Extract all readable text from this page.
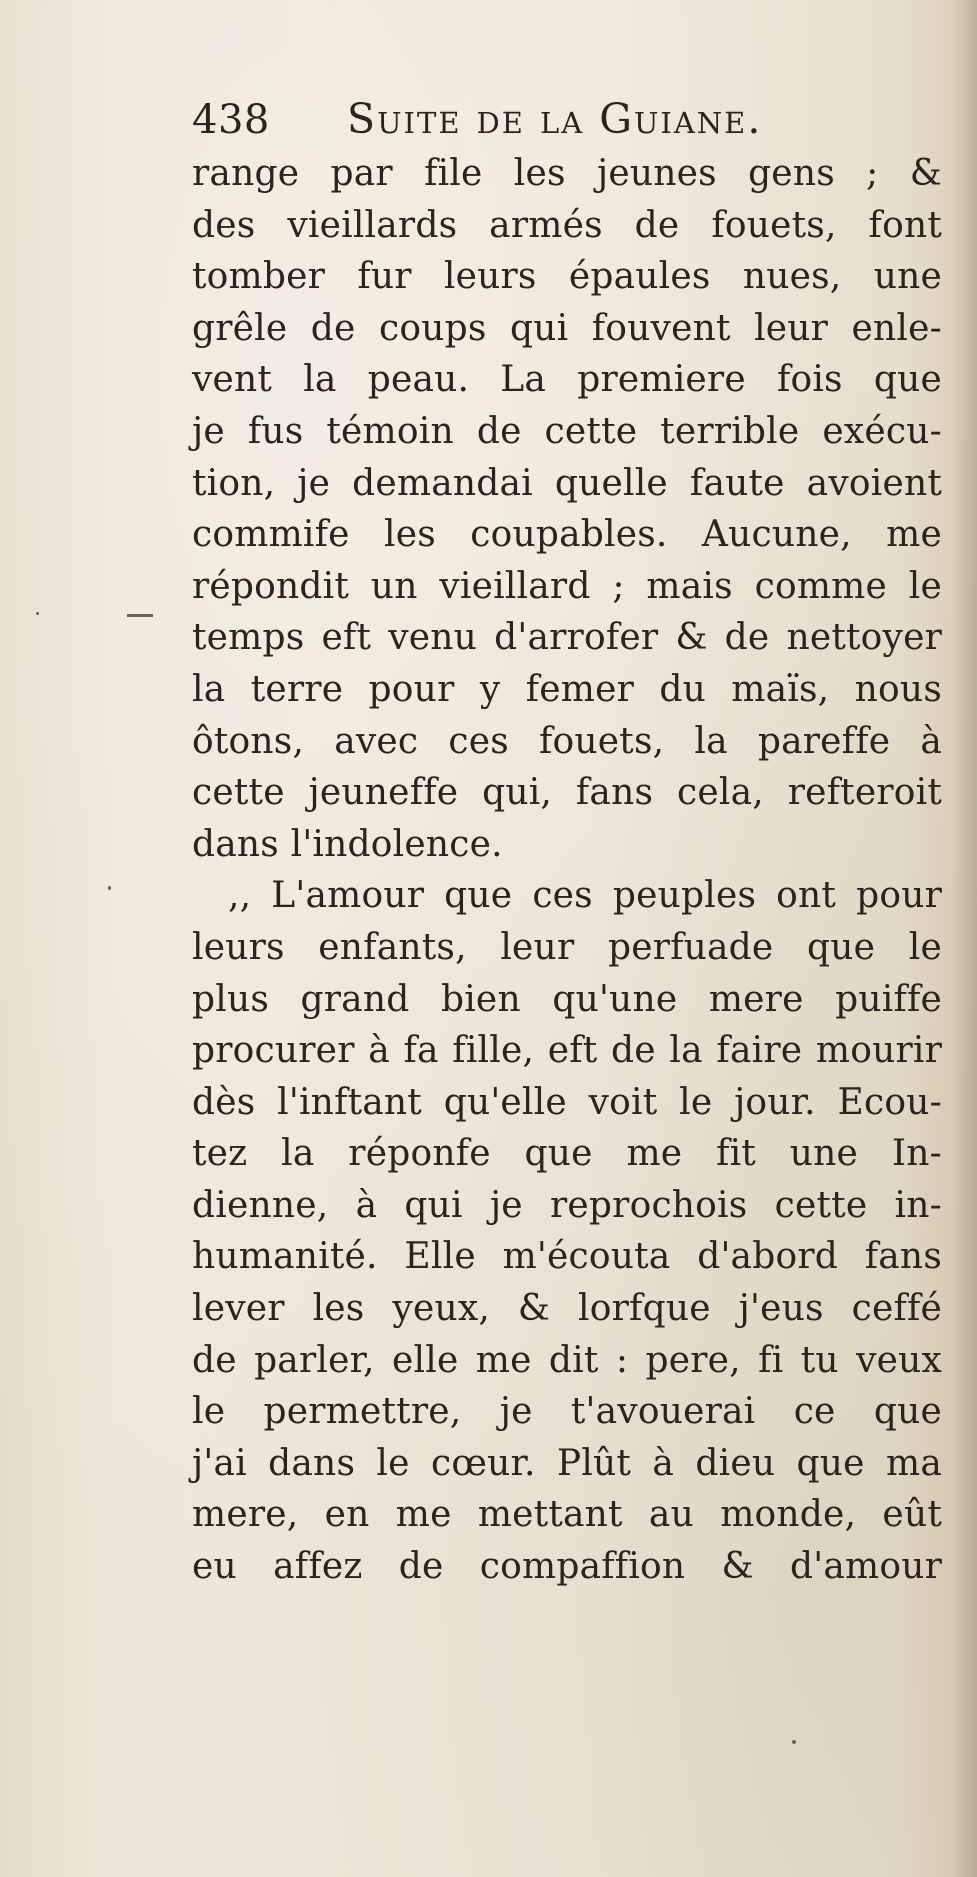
438	Suite de la Guiane.
range par file les jeunes gens ; &
des vieillards armés de fouets, font
tomber fur leurs épaules nues, une
grêle de coups qui fouvent leur enle-
vent la peau. La premiere fois que
je fus témoin de cette terrible exécu-
tion, je demandai quelle faute avoient
commife les coupables. Aucune, me
répondit un vieillard ; mais comme le
temps eft venu d'arrofer & de nettoyer
la terre pour y femer du maïs, nous
ôtons, avec ces fouets, la pareffe à
cette jeuneffe qui, fans cela, refteroit
dans l'indolence.
,, L'amour que ces peuples ont pour
leurs enfants, leur perfuade que le
plus grand bien qu'une mere puiffe
procurer à fa fille, eft de la faire mourir
dès l'inftant qu'elle voit le jour. Ecou-
tez la réponfe que me fit une In-
dienne, à qui je reprochois cette in-
humanité. Elle m'écouta d'abord fans
lever les yeux, & lorfque j'eus ceffé
de parler, elle me dit : pere, fi tu veux
le permettre, je t'avouerai ce que
j'ai dans le cœur. Plût à dieu que ma
mere, en me mettant au monde, eût
eu affez de compaffion & d'amour
